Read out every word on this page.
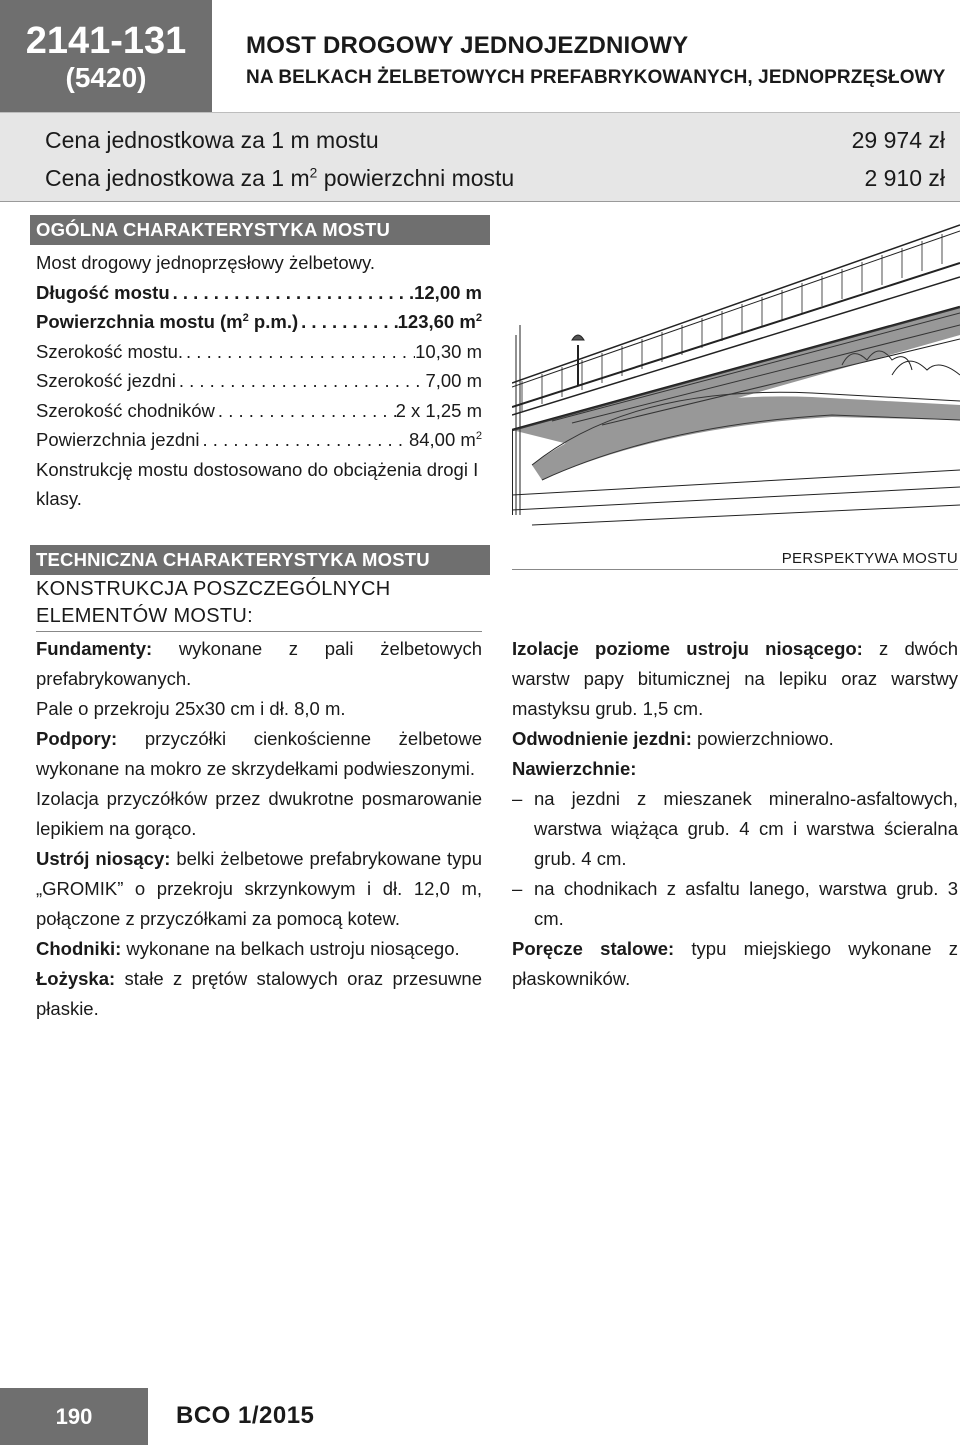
2141-131
(5420)
MOST DROGOWY JEDNOJEZDNIOWY
NA BELKACH ŻELBETOWYCH PREFABRYKOWANYCH, JEDNOPRZĘSŁOWY
Cena jednostkowa za 1 m mostu	29 974 zł
Cena jednostkowa za 1 $m^2$ powierzchni mostu	2 910 zł
OGÓLNA CHARAKTERYSTYKA MOSTU
Most drogowy jednoprzęsłowy żelbetowy.
Długość mostu . . .	12,00 m
Powierzchnia mostu ($m^2$ p.m.) . . .	123,60 $m^2$
Szerokość mostu. . . .	10,30 m
Szerokość jezdni . . .	7,00 m
Szerokość chodników . . .	2 x 1,25 m
Powierzchnia jezdni . . .	84,00 $m^2$
Konstrukcję mostu dostosowano do obciążenia drogi I klasy.
PERSPEKTYWA MOSTU
TECHNICZNA CHARAKTERYSTYKA MOSTU
KONSTRUKCJA POSZCZEGÓLNYCH ELEMENTÓW MOSTU:

Fundamenty: wykonane z pali żelbetowych prefabrykowanych.

Pale o przekroju 25x30 cm i dł. 8,0 m.

Podpory: przyczółki cienkościenne żelbetowe wykonane na mokro ze skrzydełkami podwieszonymi.

Izolacja przyczółków przez dwukrotne posmarowanie lepikiem na gorąco.

Ustrój niosący: belki żelbetowe prefabrykowane typu „GROMIK” o przekroju skrzynkowym i dł. 12,0 m, połączone z przyczółkami za pomocą kotew.

Chodniki: wykonane na belkach ustroju niosącego.

Łożyska: stałe z prętów stalowych oraz przesuwne płaskie.

Izolacje poziome ustroju niosącego: z dwóch warstw papy bitumicznej na lepiku oraz warstwy mastyksu grub. 1,5 cm.

Odwodnienie jezdni: powierzchniowo.

Nawierzchnie:

– na jezdni z mieszanek mineralno-asfaltowych, warstwa wiążąca grub. 4 cm i warstwa ścieralna grub. 4 cm.
– na chodnikach z asfaltu lanego, warstwa grub. 3 cm.

Poręcze stalowe: typu miejskiego wykonane z płaskowników.

190	BCO 1/2015
